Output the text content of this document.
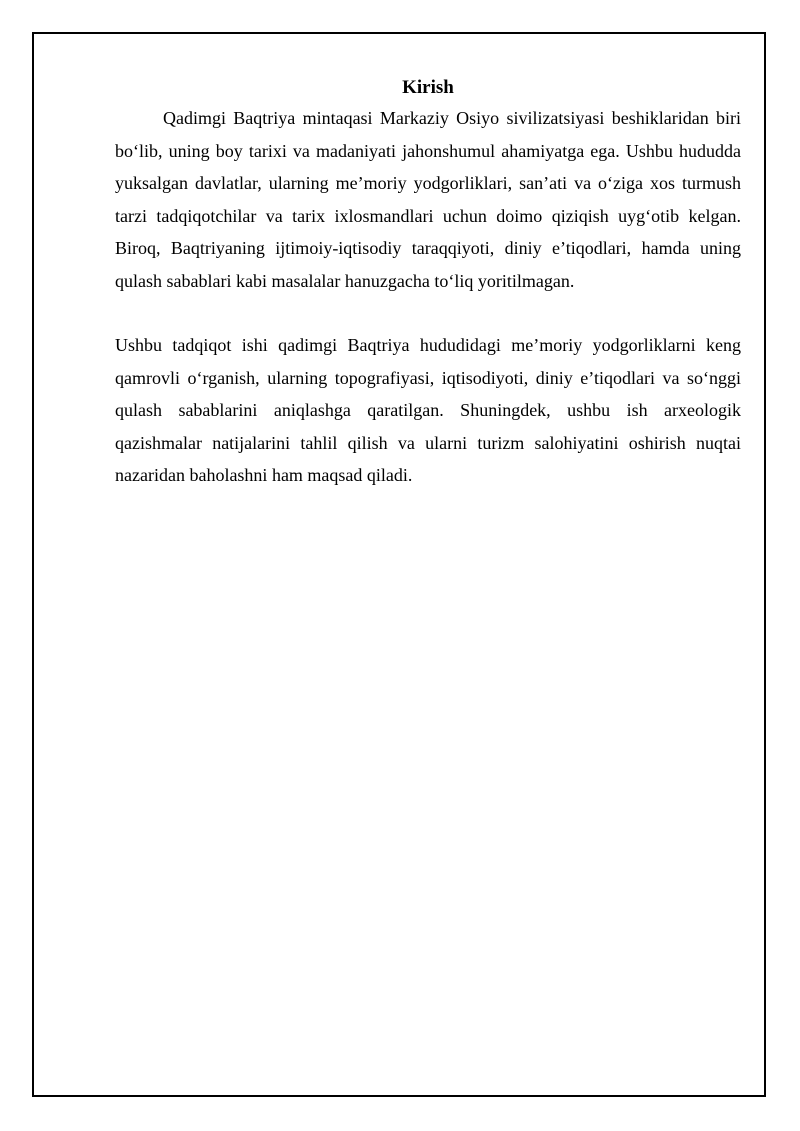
Kirish

Qadimgi Baqtriya mintaqasi Markaziy Osiyo sivilizatsiyasi beshiklaridan biri bo‘lib, uning boy tarixi va madaniyati jahonshumul ahamiyatga ega. Ushbu hududda yuksalgan davlatlar, ularning me’moriy yodgorliklari, san’ati va o‘ziga xos turmush tarzi tadqiqotchilar va tarix ixlosmandlari uchun doimo qiziqish uyg‘otib kelgan. Biroq, Baqtriyaning ijtimoiy-iqtisodiy taraqqiyoti, diniy e’tiqodlari, hamda uning qulash sabablari kabi masalalar hanuzgacha to‘liq yoritilmagan.

Ushbu tadqiqot ishi qadimgi Baqtriya hududidagi me’moriy yodgorliklarni keng qamrovli o‘rganish, ularning topografiyasi, iqtisodiyoti, diniy e’tiqodlari va so‘nggi qulash sabablarini aniqlashga qaratilgan. Shuningdek, ushbu ish arxeologik qazishmalar natijalarini tahlil qilish va ularni turizm salohiyatini oshirish nuqtai nazaridan baholashni ham maqsad qiladi.
